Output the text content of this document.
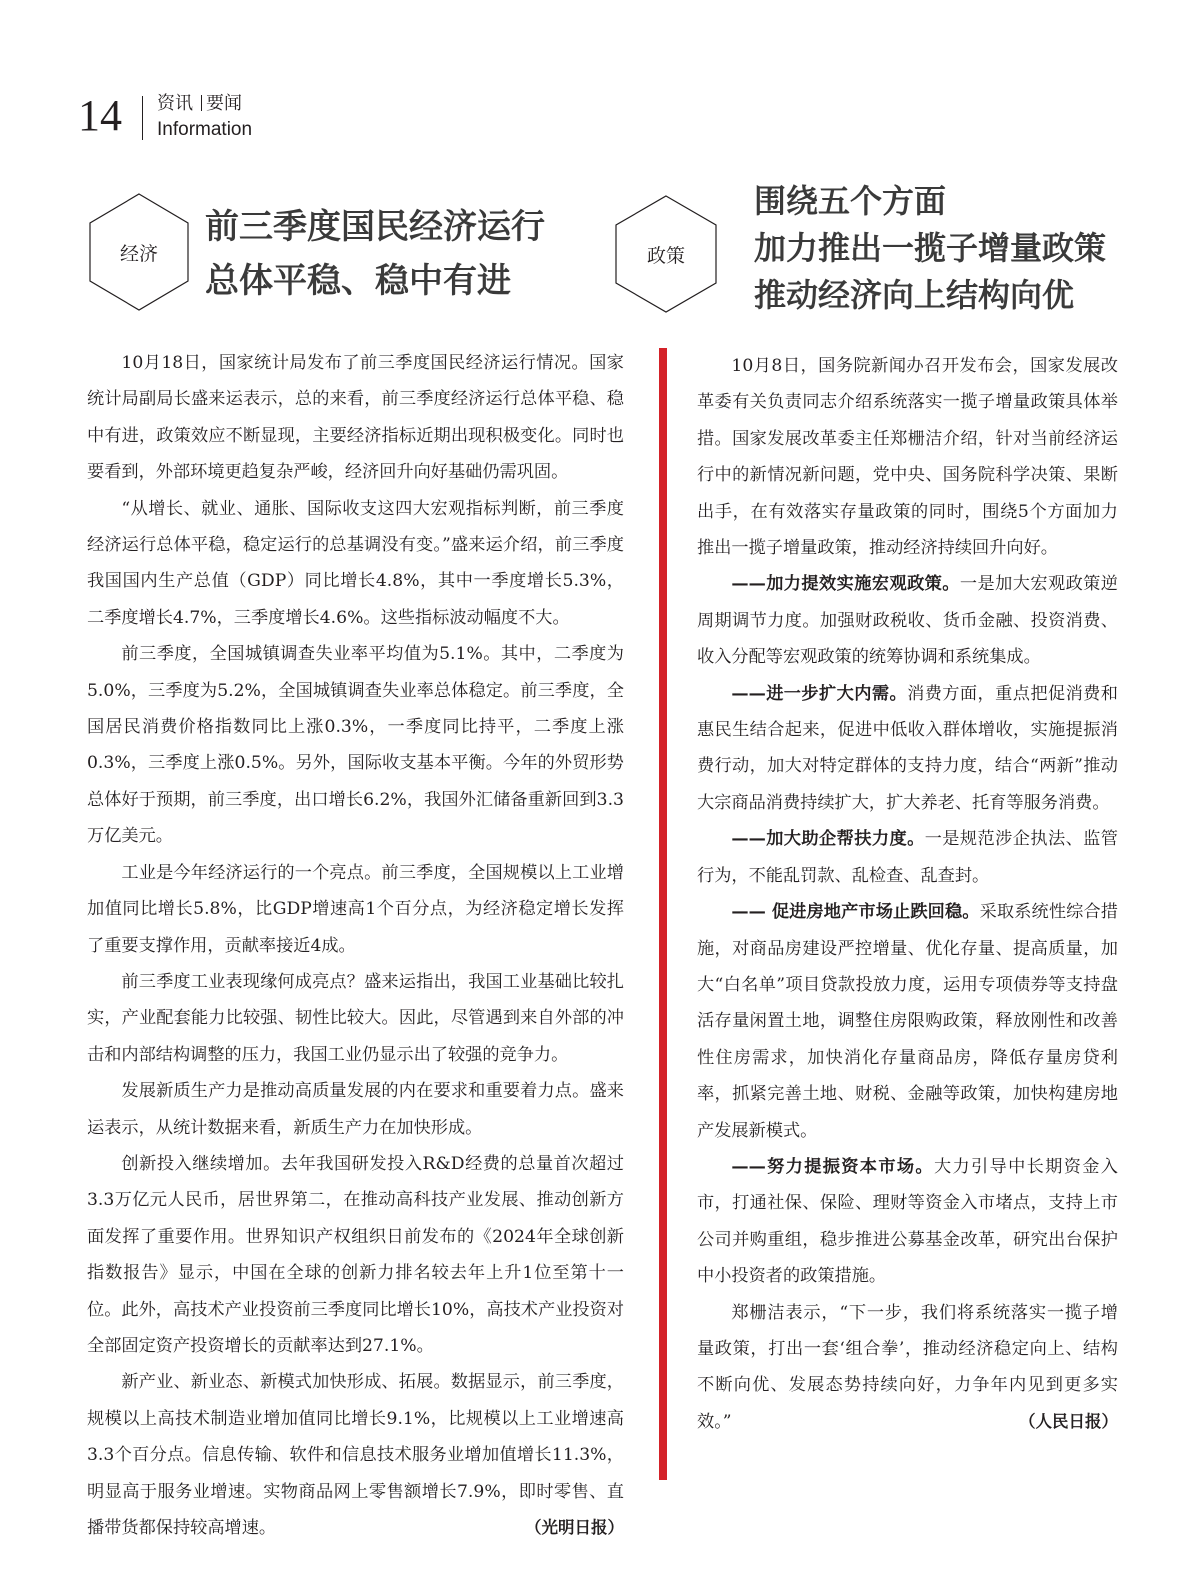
14 资讯 要闻
Information
经济
前三季度国民经济运行
总体平稳、稳中有进
政策
围绕五个方面
加力推出一揽子增量政策
推动经济向上结构向优

10月18日，国家统计局发布了前三季度国民经济运行情况。国家统计局副局长盛来运表示，总的来看，前三季度经济运行总体平稳、稳中有进，政策效应不断显现，主要经济指标近期出现积极变化。同时也要看到，外部环境更趋复杂严峻，经济回升向好基础仍需巩固。

“从增长、就业、通胀、国际收支这四大宏观指标判断，前三季度经济运行总体平稳，稳定运行的总基调没有变。”盛来运介绍，前三季度我国国内生产总值（GDP）同比增长4.8%，其中一季度增长5.3%，二季度增长4.7%，三季度增长4.6%。这些指标波动幅度不大。

前三季度，全国城镇调查失业率平均值为5.1%。其中，二季度为5.0%，三季度为5.2%，全国城镇调查失业率总体稳定。前三季度，全国居民消费价格指数同比上涨0.3%，一季度同比持平，二季度上涨0.3%，三季度上涨0.5%。另外，国际收支基本平衡。今年的外贸形势总体好于预期，前三季度，出口增长6.2%，我国外汇储备重新回到3.3万亿美元。

工业是今年经济运行的一个亮点。前三季度，全国规模以上工业增加值同比增长5.8%，比GDP增速高1个百分点，为经济稳定增长发挥了重要支撑作用，贡献率接近4成。

前三季度工业表现缘何成亮点？盛来运指出，我国工业基础比较扎实，产业配套能力比较强、韧性比较大。因此，尽管遇到来自外部的冲击和内部结构调整的压力，我国工业仍显示出了较强的竞争力。

发展新质生产力是推动高质量发展的内在要求和重要着力点。盛来运表示，从统计数据来看，新质生产力在加快形成。

创新投入继续增加。去年我国研发投入R&D经费的总量首次超过3.3万亿元人民币，居世界第二，在推动高科技产业发展、推动创新方面发挥了重要作用。世界知识产权组织日前发布的《2024年全球创新指数报告》显示，中国在全球的创新力排名较去年上升1位至第十一位。此外，高技术产业投资前三季度同比增长10%，高技术产业投资对全部固定资产投资增长的贡献率达到27.1%。

新产业、新业态、新模式加快形成、拓展。数据显示，前三季度，规模以上高技术制造业增加值同比增长9.1%，比规模以上工业增速高3.3个百分点。信息传输、软件和信息技术服务业增加值增长11.3%，明显高于服务业增速。实物商品网上零售额增长7.9%，即时零售、直播带货都保持较高增速。	（光明日报）

10月8日，国务院新闻办召开发布会，国家发展改革委有关负责同志介绍系统落实一揽子增量政策具体举措。国家发展改革委主任郑栅洁介绍，针对当前经济运行中的新情况新问题，党中央、国务院科学决策、果断出手，在有效落实存量政策的同时，围绕5个方面加力推出一揽子增量政策，推动经济持续回升向好。

——加力提效实施宏观政策。一是加大宏观政策逆周期调节力度。加强财政税收、货币金融、投资消费、收入分配等宏观政策的统筹协调和系统集成。

——进一步扩大内需。消费方面，重点把促消费和惠民生结合起来，促进中低收入群体增收，实施提振消费行动，加大对特定群体的支持力度，结合“两新”推动大宗商品消费持续扩大，扩大养老、托育等服务消费。

——加大助企帮扶力度。一是规范涉企执法、监管行为，不能乱罚款、乱检查、乱查封。

—— 促进房地产市场止跌回稳。采取系统性综合措施，对商品房建设严控增量、优化存量、提高质量，加大“白名单”项目贷款投放力度，运用专项债券等支持盘活存量闲置土地，调整住房限购政策，释放刚性和改善性住房需求，加快消化存量商品房，降低存量房贷利率，抓紧完善土地、财税、金融等政策，加快构建房地产发展新模式。

——努力提振资本市场。大力引导中长期资金入市，打通社保、保险、理财等资金入市堵点，支持上市公司并购重组，稳步推进公募基金改革，研究出台保护中小投资者的政策措施。

郑栅洁表示，“下一步，我们将系统落实一揽子增量政策，打出一套‘组合拳’，推动经济稳定向上、结构不断向优、发展态势持续向好，力争年内见到更多实效。”	（人民日报）
